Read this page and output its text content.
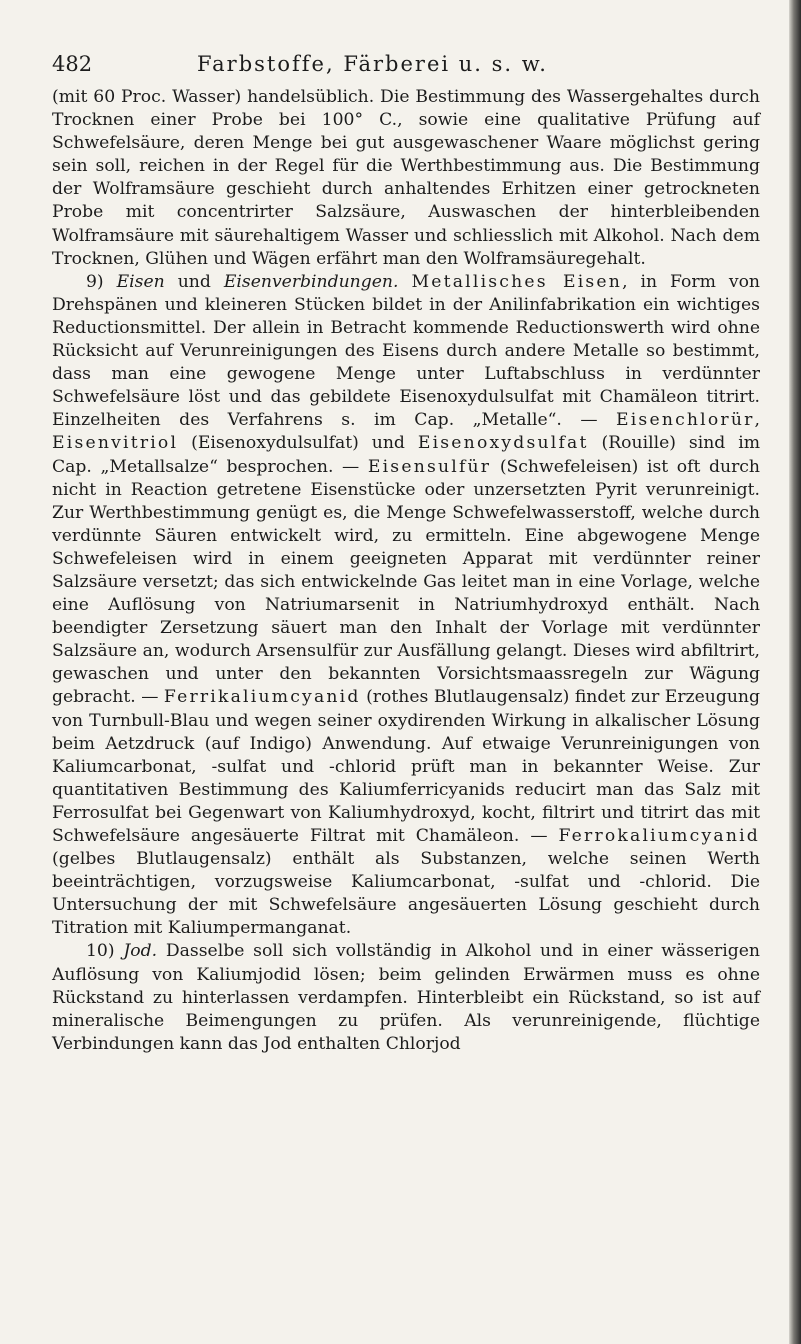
482	Farbstoffe, Färberei u. s. w.

(mit 60 Proc. Wasser) handelsüblich. Die Bestimmung des Wassergehaltes durch Trocknen einer Probe bei 100° C., sowie eine qualitative Prüfung auf Schwefelsäure, deren Menge bei gut ausgewaschener Waare möglichst gering sein soll, reichen in der Regel für die Werthbestimmung aus. Die Bestimmung der Wolframsäure geschieht durch anhaltendes Erhitzen einer getrockneten Probe mit concentrirter Salzsäure, Auswaschen der hinterbleibenden Wolframsäure mit säurehaltigem Wasser und schliesslich mit Alkohol. Nach dem Trocknen, Glühen und Wägen erfährt man den Wolframsäuregehalt.

9) Eisen und Eisenverbindungen. Metallisches Eisen, in Form von Drehspänen und kleineren Stücken bildet in der Anilinfabrikation ein wichtiges Reductionsmittel. Der allein in Betracht kommende Reductionswerth wird ohne Rücksicht auf Verunreinigungen des Eisens durch andere Metalle so bestimmt, dass man eine gewogene Menge unter Luftabschluss in verdünnter Schwefelsäure löst und das gebildete Eisenoxydulsulfat mit Chamäleon titrirt. Einzelheiten des Verfahrens s. im Cap. „Metalle“. — Eisenchlorür, Eisenvitriol (Eisenoxydulsulfat) und Eisenoxydsulfat (Rouille) sind im Cap. „Metallsalze“ besprochen. — Eisensulfür (Schwefeleisen) ist oft durch nicht in Reaction getretene Eisenstücke oder unzersetzten Pyrit verunreinigt. Zur Werthbestimmung genügt es, die Menge Schwefelwasserstoff, welche durch verdünnte Säuren entwickelt wird, zu ermitteln. Eine abgewogene Menge Schwefeleisen wird in einem geeigneten Apparat mit verdünnter reiner Salzsäure versetzt; das sich entwickelnde Gas leitet man in eine Vorlage, welche eine Auflösung von Natriumarsenit in Natriumhydroxyd enthält. Nach beendigter Zersetzung säuert man den Inhalt der Vorlage mit verdünnter Salzsäure an, wodurch Arsensulfür zur Ausfällung gelangt. Dieses wird abfiltrirt, gewaschen und unter den bekannten Vorsichtsmaassregeln zur Wägung gebracht. — Ferrikaliumcyanid (rothes Blutlaugensalz) findet zur Erzeugung von Turnbull-Blau und wegen seiner oxydirenden Wirkung in alkalischer Lösung beim Aetzdruck (auf Indigo) Anwendung. Auf etwaige Verunreinigungen von Kaliumcarbonat, -sulfat und -chlorid prüft man in bekannter Weise. Zur quantitativen Bestimmung des Kaliumferricyanids reducirt man das Salz mit Ferrosulfat bei Gegenwart von Kaliumhydroxyd, kocht, filtrirt und titrirt das mit Schwefelsäure angesäuerte Filtrat mit Chamäleon. — Ferrokaliumcyanid (gelbes Blutlaugensalz) enthält als Substanzen, welche seinen Werth beeinträchtigen, vorzugsweise Kaliumcarbonat, -sulfat und -chlorid. Die Untersuchung der mit Schwefelsäure angesäuerten Lösung geschieht durch Titration mit Kaliumpermanganat.

10) Jod. Dasselbe soll sich vollständig in Alkohol und in einer wässerigen Auflösung von Kaliumjodid lösen; beim gelinden Erwärmen muss es ohne Rückstand zu hinterlassen verdampfen. Hinterbleibt ein Rückstand, so ist auf mineralische Beimengungen zu prüfen. Als verunreinigende, flüchtige Verbindungen kann das Jod enthalten Chlorjod
